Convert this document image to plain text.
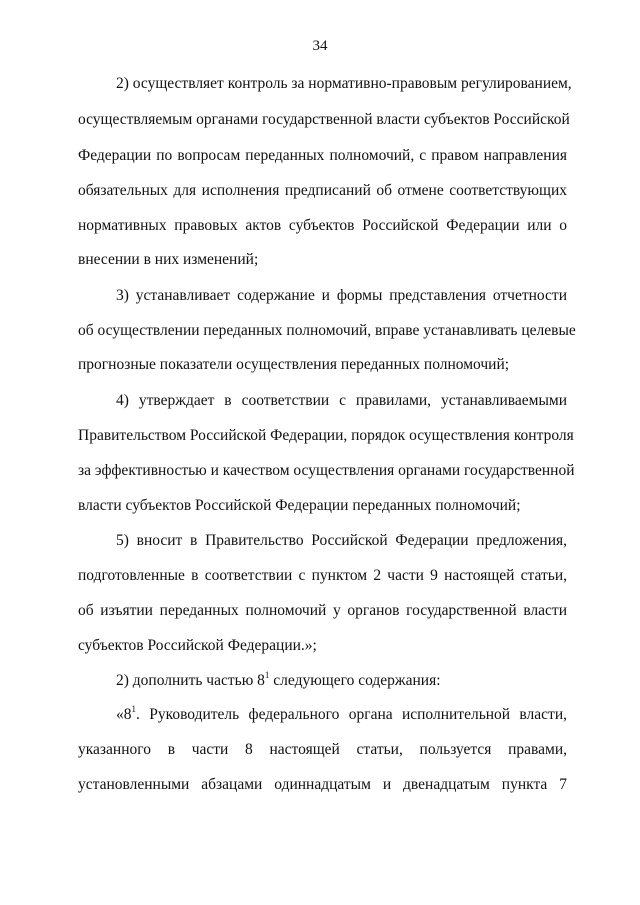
34
2) осуществляет контроль за нормативно-правовым регулированием,
осуществляемым органами государственной власти субъектов Российской
Федерации по вопросам переданных полномочий, с правом направления
обязательных для исполнения предписаний об отмене соответствующих
нормативных правовых актов субъектов Российской Федерации или о
внесении в них изменений;
3) устанавливает содержание и формы представления отчетности
об осуществлении переданных полномочий, вправе устанавливать целевые
прогнозные показатели осуществления переданных полномочий;
4) утверждает в соответствии с правилами, устанавливаемыми
Правительством Российской Федерации, порядок осуществления контроля
за эффективностью и качеством осуществления органами государственной
власти субъектов Российской Федерации переданных полномочий;
5) вносит в Правительство Российской Федерации предложения,
подготовленные в соответствии с пунктом 2 части 9 настоящей статьи,
об изъятии переданных полномочий у органов государственной власти
субъектов Российской Федерации.»;
2) дополнить частью $8^1$ следующего содержания:
«$8^1$. Руководитель федерального органа исполнительной власти,
указанного в части 8 настоящей статьи, пользуется правами,
установленными абзацами одиннадцатым и двенадцатым пункта 7
